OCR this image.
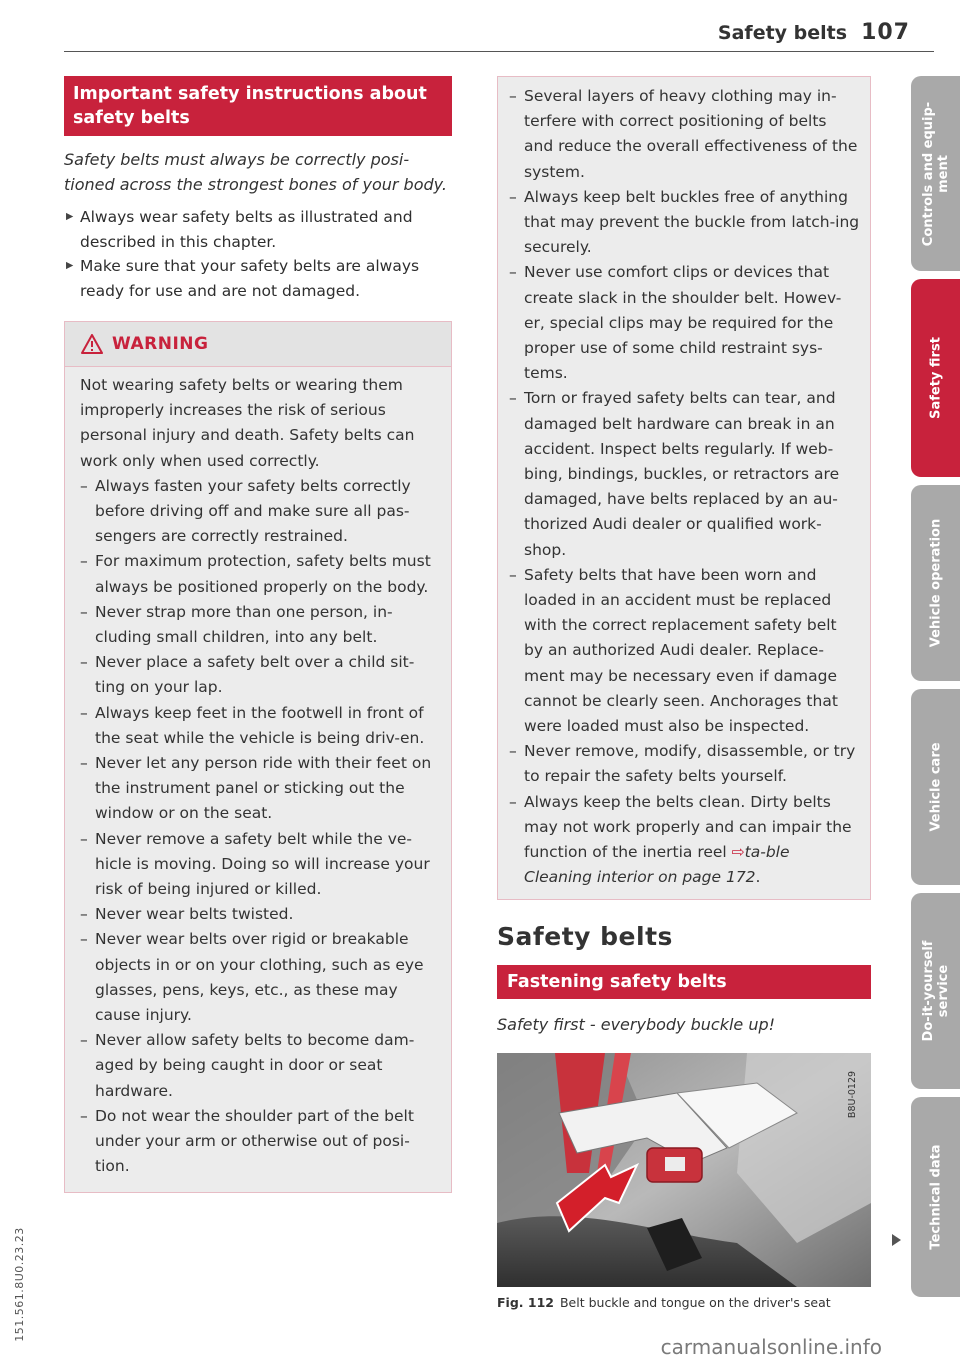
Safety belts 107
Important safety instructions about safety belts

Safety belts must always be correctly posi-tioned across the strongest bones of your body.

▶ Always wear safety belts as illustrated and described in this chapter.
▶ Make sure that your safety belts are always ready for use and are not damaged.
WARNING
Not wearing safety belts or wearing them improperly increases the risk of serious personal injury and death. Safety belts can work only when used correctly.
– Always fasten your safety belts correctly before driving off and make sure all pas-sengers are correctly restrained.
– For maximum protection, safety belts must always be positioned properly on the body.
– Never strap more than one person, in-cluding small children, into any belt.
– Never place a safety belt over a child sit-ting on your lap.
– Always keep feet in the footwell in front of the seat while the vehicle is being driv-en.
– Never let any person ride with their feet on the instrument panel or sticking out the window or on the seat.
– Never remove a safety belt while the ve-hicle is moving. Doing so will increase your risk of being injured or killed.
– Never wear belts twisted.
– Never wear belts over rigid or breakable objects in or on your clothing, such as eye glasses, pens, keys, etc., as these may cause injury.
– Never allow safety belts to become dam-aged by being caught in door or seat hardware.
– Do not wear the shoulder part of the belt under your arm or otherwise out of posi-tion.
– Several layers of heavy clothing may in-terfere with correct positioning of belts and reduce the overall effectiveness of the system.
– Always keep belt buckles free of anything that may prevent the buckle from latch-ing securely.
– Never use comfort clips or devices that create slack in the shoulder belt. Howev-er, special clips may be required for the proper use of some child restraint sys-tems.
– Torn or frayed safety belts can tear, and damaged belt hardware can break in an accident. Inspect belts regularly. If web-bing, bindings, buckles, or retractors are damaged, have belts replaced by an au-thorized Audi dealer or qualified work-shop.
– Safety belts that have been worn and loaded in an accident must be replaced with the correct replacement safety belt by an authorized Audi dealer. Replace-ment may be necessary even if damage cannot be clearly seen. Anchorages that were loaded must also be inspected.
– Never remove, modify, disassemble, or try to repair the safety belts yourself.
– Always keep the belts clean. Dirty belts may not work properly and can impair the function of the inertia reel ⇨ta-ble Cleaning interior on page 172.
Safety belts
Fastening safety belts

Safety first - everybody buckle up!

B8U-0129
Fig. 112 Belt buckle and tongue on the driver's seat
Controls and equip-
ment
Safety first
Vehicle operation
Vehicle care
Do-it-yourself
service
Technical data
151.561.8U0.23.23
carmanualsonline.info
